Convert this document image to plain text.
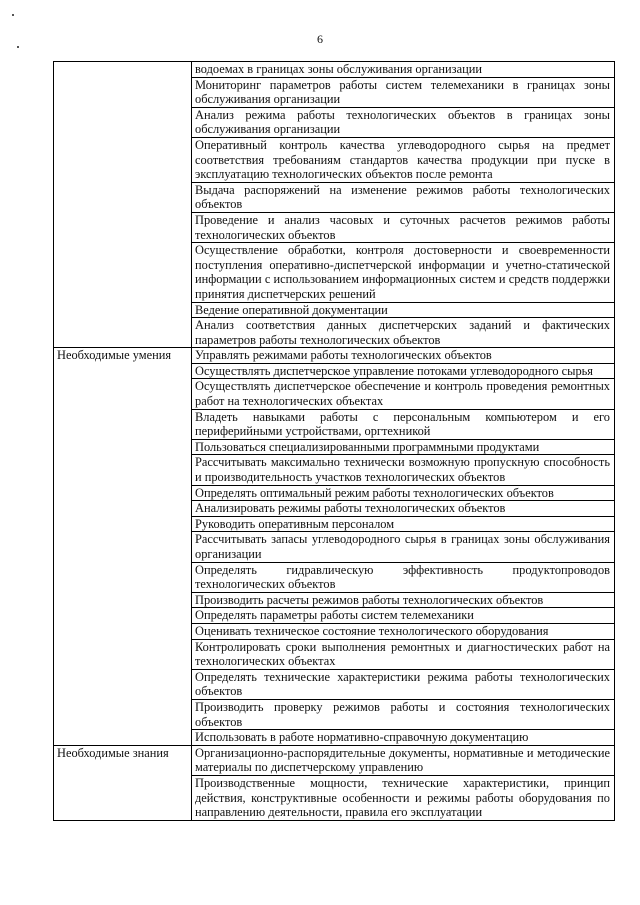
6
	водоемах в границах зоны обслуживания организации
	Мониторинг параметров работы систем телемеханики в границах зоны обслуживания организации
	Анализ режима работы технологических объектов в границах зоны обслуживания организации
	Оперативный контроль качества углеводородного сырья на предмет соответствия требованиям стандартов качества продукции при пуске в эксплуатацию технологических объектов после ремонта
	Выдача распоряжений на изменение режимов работы технологических объектов
	Проведение и анализ часовых и суточных расчетов режимов работы технологических объектов
	Осуществление обработки, контроля достоверности и своевременности поступления оперативно-диспетчерской информации и учетно-статической информации с использованием информационных систем и средств поддержки принятия диспетчерских решений
	Ведение оперативной документации
	Анализ соответствия данных диспетчерских заданий и фактических параметров работы технологических объектов
Необходимые умения	Управлять режимами работы технологических объектов
	Осуществлять диспетчерское управление потоками углеводородного сырья
	Осуществлять диспетчерское обеспечение и контроль проведения ремонтных работ на технологических объектах
	Владеть навыками работы с персональным компьютером и его периферийными устройствами, оргтехникой
	Пользоваться специализированными программными продуктами
	Рассчитывать максимально технически возможную пропускную способность и производительность участков технологических объектов
	Определять оптимальный режим работы технологических объектов
	Анализировать режимы работы технологических объектов
	Руководить оперативным персоналом
	Рассчитывать запасы углеводородного сырья в границах зоны обслуживания организации
	Определять гидравлическую эффективность продуктопроводов технологических объектов
	Производить расчеты режимов работы технологических объектов
	Определять параметры работы систем телемеханики
	Оценивать техническое состояние технологического оборудования
	Контролировать сроки выполнения ремонтных и диагностических работ на технологических объектах
	Определять технические характеристики режима работы технологических объектов
	Производить проверку режимов работы и состояния технологических объектов
	Использовать в работе нормативно-справочную документацию
Необходимые знания	Организационно-распорядительные документы, нормативные и методические материалы по диспетчерскому управлению
	Производственные мощности, технические характеристики, принцип действия, конструктивные особенности и режимы работы оборудования по направлению деятельности, правила его эксплуатации
